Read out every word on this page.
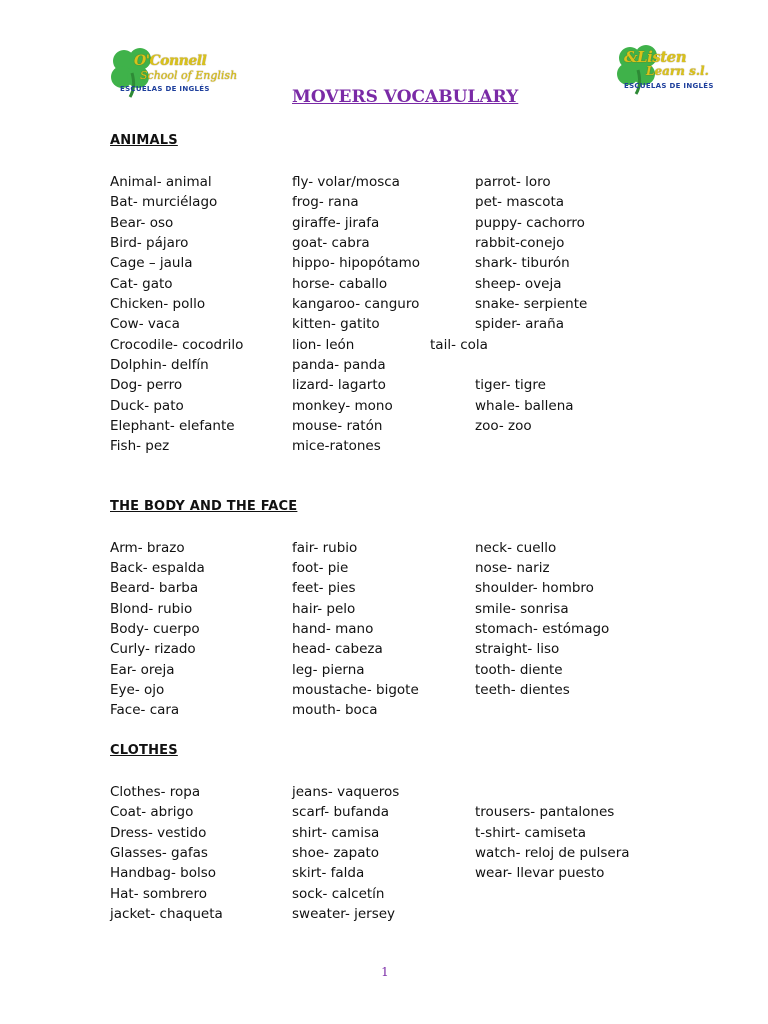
O'Connell
School of English
ESCUELAS DE INGLÉS
&Listen
Learn s.l.
ESCUELAS DE INGLÉS
MOVERS VOCABULARY
ANIMALS
Animal- animal	fly- volar/mosca	parrot- loro
Bat- murciélago	frog- rana	pet- mascota
Bear- oso	giraffe- jirafa	puppy- cachorro
Bird- pájaro	goat- cabra	rabbit-conejo
Cage – jaula	hippo- hipopótamo	shark- tiburón
Cat- gato	horse- caballo	sheep- oveja
Chicken- pollo	kangaroo- canguro	snake- serpiente
Cow- vaca	kitten- gatito	spider- araña
Crocodile- cocodrilo	lion- león	tail- cola
Dolphin- delfín	panda- panda
Dog- perro	lizard- lagarto	tiger- tigre
Duck- pato	monkey- mono	whale- ballena
Elephant- elefante	mouse- ratón	zoo- zoo
Fish- pez	mice-ratones
THE BODY AND THE FACE
Arm- brazo	fair- rubio	neck- cuello
Back- espalda	foot- pie	nose- nariz
Beard- barba	feet- pies	shoulder- hombro
Blond- rubio	hair- pelo	smile- sonrisa
Body- cuerpo	hand- mano	stomach- estómago
Curly- rizado	head- cabeza	straight- liso
Ear- oreja	leg- pierna	tooth- diente
Eye- ojo	moustache- bigote	teeth- dientes
Face- cara	mouth- boca
CLOTHES
Clothes- ropa	jeans- vaqueros
Coat- abrigo	scarf- bufanda	trousers- pantalones
Dress- vestido	shirt- camisa	t-shirt- camiseta
Glasses- gafas	shoe- zapato	watch- reloj de pulsera
Handbag- bolso	skirt- falda	wear- llevar puesto
Hat- sombrero	sock- calcetín
jacket- chaqueta	sweater- jersey
1
